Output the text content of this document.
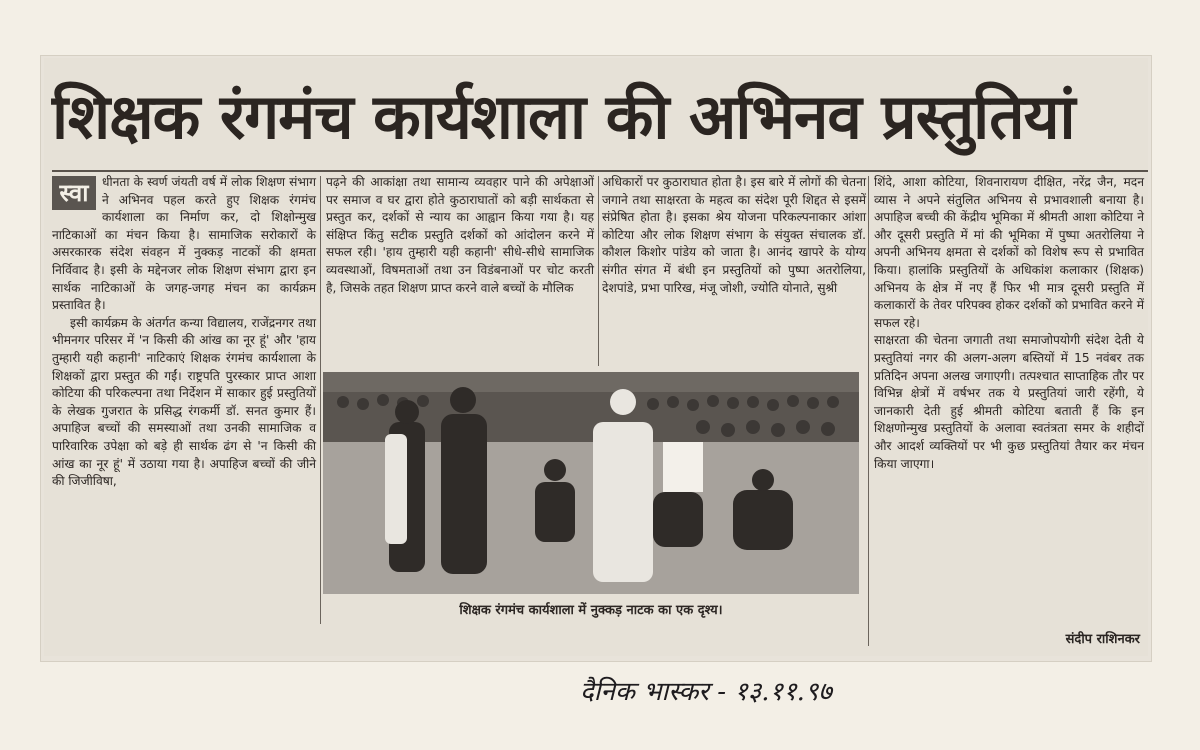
शिक्षक रंगमंच कार्यशाला की अभिनव प्रस्तुतियां
स्वा	धीनता के स्वर्ण जंयती वर्ष में लोक शिक्षण संभाग ने अभिनव पहल करते हुए शिक्षक रंगमंच कार्यशाला का निर्माण कर, दो शिक्षोन्मुख नाटिकाओं का मंचन किया है। सामाजिक सरोकारों के असरकारक संदेश संवहन में नुक्कड़ नाटकों की क्षमता निर्विवाद है। इसी के मद्देनजर लोक शिक्षण संभाग द्वारा इन सार्थक नाटिकाओं के जगह-जगह मंचन का कार्यक्रम प्रस्तावित है।

इसी कार्यक्रम के अंतर्गत कन्या विद्यालय, राजेंद्रनगर तथा भीमनगर परिसर में 'न किसी की आंख का नूर हूं' और 'हाय तुम्हारी यही कहानी' नाटिकाएं शिक्षक रंगमंच कार्यशाला के शिक्षकों द्वारा प्रस्तुत की गईं। राष्ट्रपति पुरस्कार प्राप्त आशा कोटिया की परिकल्पना तथा निर्देशन में साकार हुई प्रस्तुतियों के लेखक गुजरात के प्रसिद्ध रंगकर्मी डॉ. सनत कुमार हैं। अपाहिज बच्चों की समस्याओं तथा उनकी सामाजिक व पारिवारिक उपेक्षा को बड़े ही सार्थक ढंग से 'न किसी की आंख का नूर हूं' में उठाया गया है। अपाहिज बच्चों की जीने की जिजीविषा,

पढ़ने की आकांक्षा तथा सामान्य व्यवहार पाने की अपेक्षाओं पर समाज व घर द्वारा होते कुठाराघातों को बड़ी सार्थकता से प्रस्तुत कर, दर्शकों से न्याय का आह्वान किया गया है। यह संक्षिप्त किंतु सटीक प्रस्तुति दर्शकों को आंदोलन करने में सफल रही। 'हाय तुम्हारी यही कहानी' सीधे-सीधे सामाजिक व्यवस्थाओं, विषमताओं तथा उन विडंबनाओं पर चोट करती है, जिसके तहत शिक्षण प्राप्त करने वाले बच्चों के मौलिक

अधिकारों पर कुठाराघात होता है। इस बारे में लोगों की चेतना जगाने तथा साक्षरता के महत्व का संदेश पूरी शिद्दत से इसमें संप्रेषित होता है। इसका श्रेय योजना परिकल्पनाकार आंशा कोटिया और लोक शिक्षण संभाग के संयुक्त संचालक डॉ. कौशल किशोर पांडेय को जाता है। आनंद खापरे के योग्य संगीत संगत में बंधी इन प्रस्तुतियों को पुष्पा अतरोलिया, देशपांडे, प्रभा पारिख, मंजू जोशी, ज्योति योनाते, सुश्री

शिंदे, आशा कोटिया, शिवनारायण दीक्षित, नरेंद्र जैन, मदन व्यास ने अपने संतुलित अभिनय से प्रभावशाली बनाया है। अपाहिज बच्ची की केंद्रीय भूमिका में श्रीमती आशा कोटिया ने और दूसरी प्रस्तुति में मां की भूमिका में पुष्पा अतरोलिया ने अपनी अभिनय क्षमता से दर्शकों को विशेष रूप से प्रभावित किया। हालांकि प्रस्तुतियों के अधिकांश कलाकार (शिक्षक) अभिनय के क्षेत्र में नए हैं फिर भी मात्र दूसरी प्रस्तुति में कलाकारों के तेवर परिपक्व होकर दर्शकों को प्रभावित करने में सफल रहे।

साक्षरता की चेतना जगाती तथा समाजोपयोगी संदेश देती ये प्रस्तुतियां नगर की अलग-अलग बस्तियों में 15 नवंबर तक प्रतिदिन अपना अलख जगाएगी। तत्पश्चात साप्ताहिक तौर पर विभिन्न क्षेत्रों में वर्षभर तक ये प्रस्तुतियां जारी रहेंगी, ये जानकारी देती हुई श्रीमती कोटिया बताती हैं कि इन शिक्षणोन्मुख प्रस्तुतियों के अलावा स्वतंत्रता समर के शहीदों और आदर्श व्यक्तियों पर भी कुछ प्रस्तुतियां तैयार कर मंचन किया जाएगा।

शिक्षक रंगमंच कार्यशाला में नुक्कड़ नाटक का एक दृश्य।
संदीप राशिनकर
दैनिक भास्कर - १३.११.९७
